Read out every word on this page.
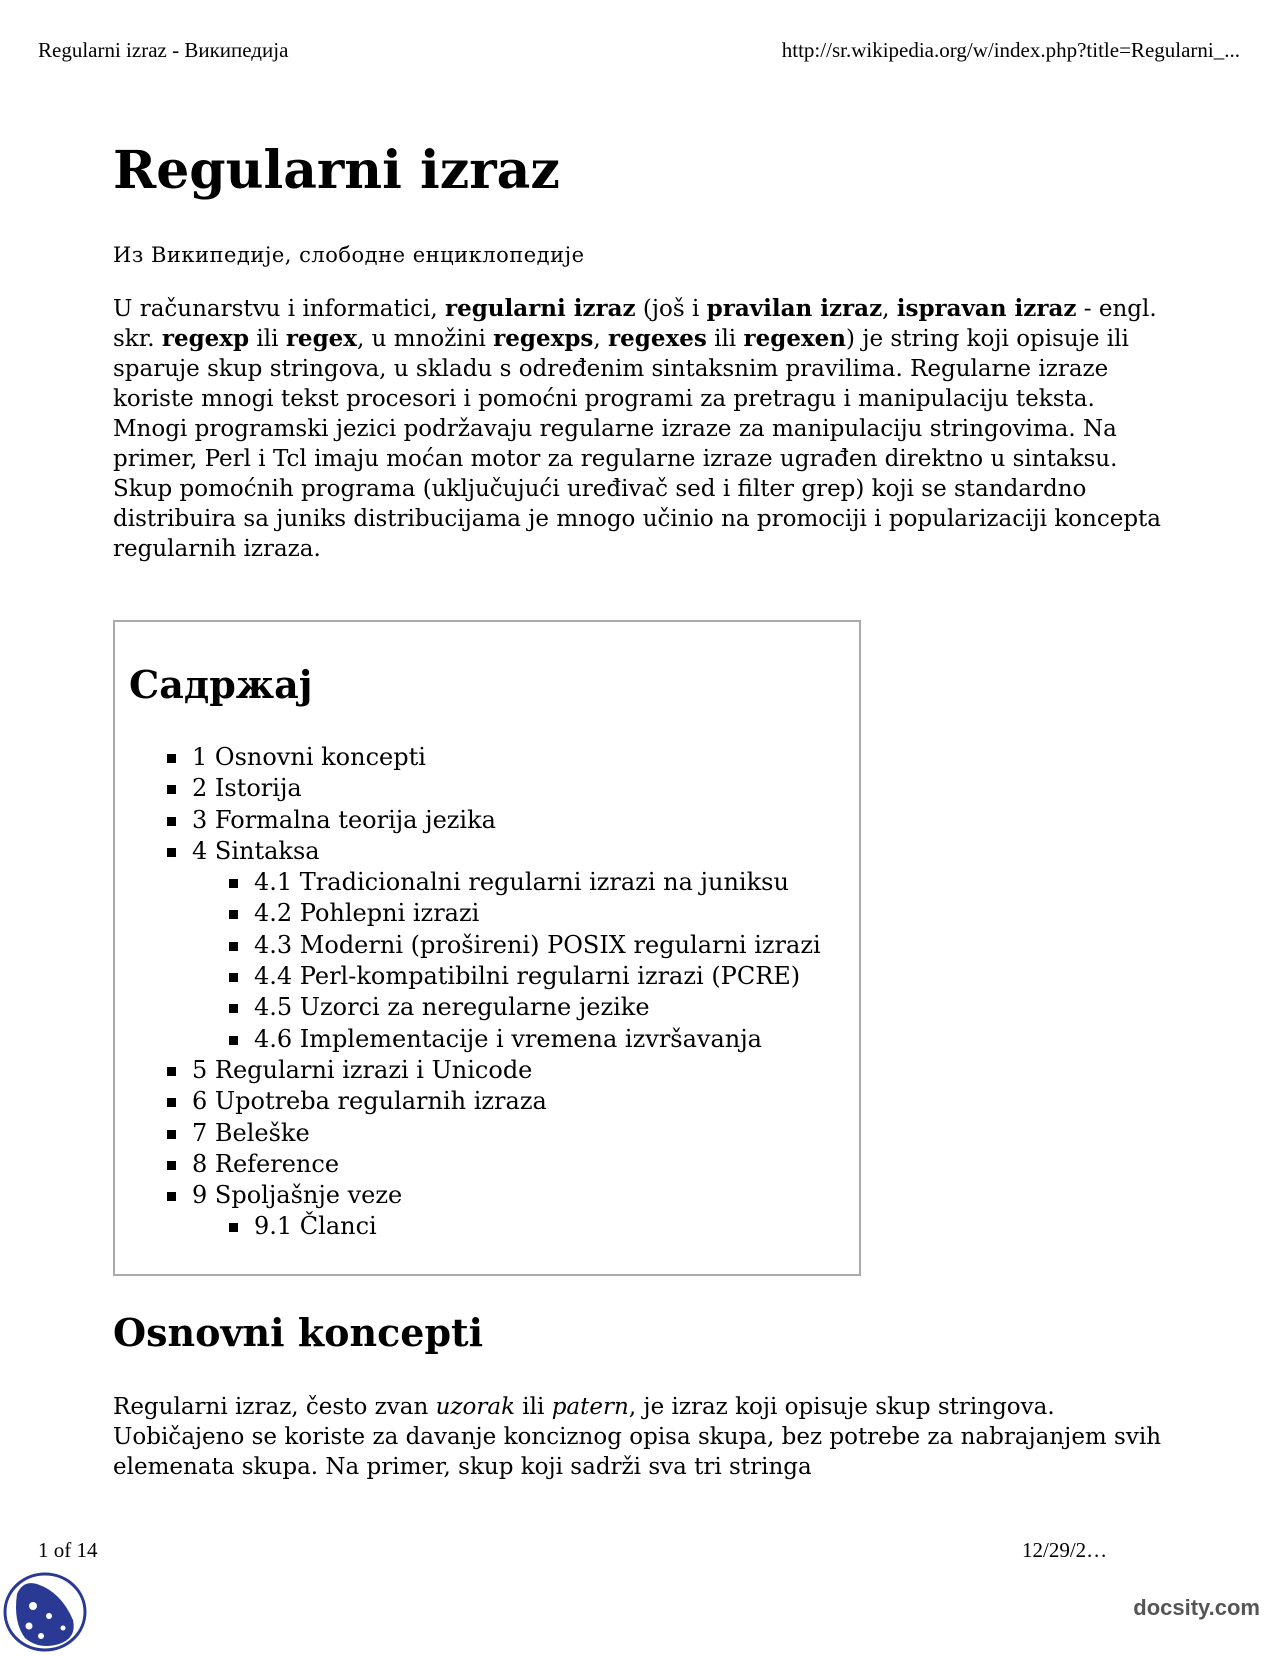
Regularni izraz - Википедија	http://sr.wikipedia.org/w/index.php?title=Regularni_...
Regularni izraz
Из Википедије, слободне енциклопедије
U računarstvu i informatici, regularni izraz (još i pravilan izraz, ispravan izraz - engl. skr. regexp ili regex, u množini regexps, regexes ili regexen) je string koji opisuje ili sparuje skup stringova, u skladu s određenim sintaksnim pravilima. Regularne izraze koriste mnogi tekst procesori i pomoćni programi za pretragu i manipulaciju teksta. Mnogi programski jezici podržavaju regularne izraze za manipulaciju stringovima. Na primer, Perl i Tcl imaju moćan motor za regularne izraze ugrađen direktno u sintaksu. Skup pomoćnih programa (uključujući uređivač sed i filter grep) koji se standardno distribuira sa juniks distribucijama je mnogo učinio na promociji i popularizaciji koncepta regularnih izraza.
Садржај
1 Osnovni koncepti
2 Istorija
3 Formalna teorija jezika
4 Sintaksa
4.1 Tradicionalni regularni izrazi na juniksu
4.2 Pohlepni izrazi
4.3 Moderni (prošireni) POSIX regularni izrazi
4.4 Perl-kompatibilni regularni izrazi (PCRE)
4.5 Uzorci za neregularne jezike
4.6 Implementacije i vremena izvršavanja
5 Regularni izrazi i Unicode
6 Upotreba regularnih izraza
7 Beleške
8 Reference
9 Spoljašnje veze
9.1 Članci
Osnovni koncepti
Regularni izraz, često zvan uzorak ili patern, je izraz koji opisuje skup stringova. Uobičajeno se koriste za davanje konciznog opisa skupa, bez potrebe za nabrajanjem svih elemenata skupa. Na primer, skup koji sadrži sva tri stringa
1 of 14	12/29/2…
docsity.com
